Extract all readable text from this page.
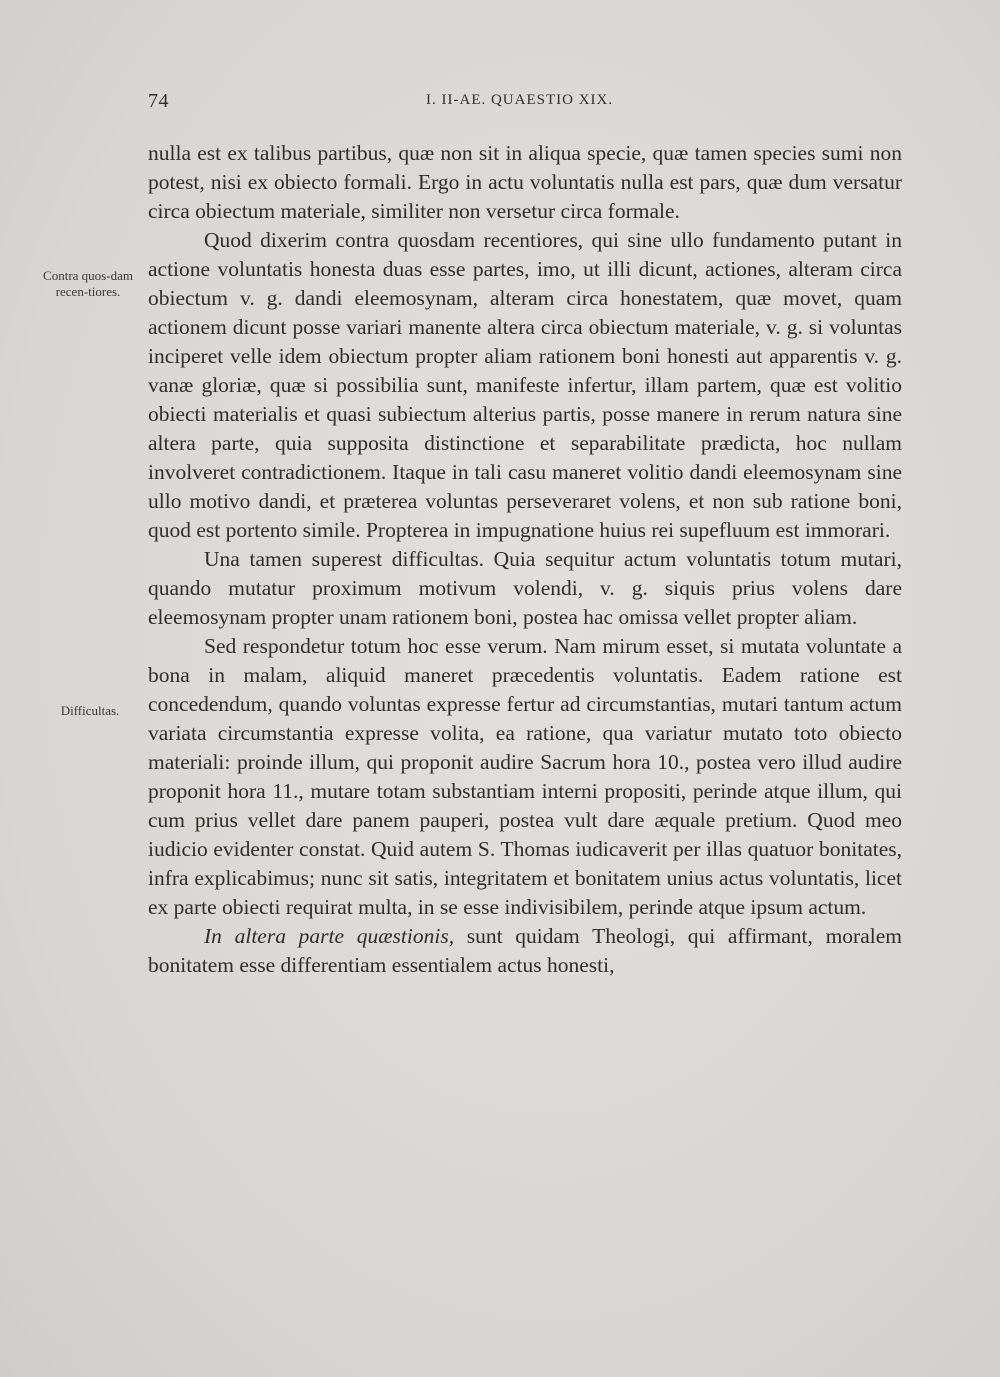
74	I. II-AE. QUAESTIO XIX.
Contra quos-dam recen-tiores.
Difficultas.

nulla est ex talibus partibus, quæ non sit in aliqua specie, quæ tamen species sumi non potest, nisi ex obiecto formali. Ergo in actu voluntatis nulla est pars, quæ dum versatur circa obiectum materiale, similiter non versetur circa formale.

Quod dixerim contra quosdam recentiores, qui sine ullo fundamento putant in actione voluntatis honesta duas esse partes, imo, ut illi dicunt, actiones, alteram circa obiectum v. g. dandi eleemosynam, alteram circa honestatem, quæ movet, quam actionem dicunt posse variari manente altera circa obiectum materiale, v. g. si voluntas inciperet velle idem obiectum propter aliam rationem boni honesti aut apparentis v. g. vanæ gloriæ, quæ si possibilia sunt, manifeste infertur, illam partem, quæ est volitio obiecti materialis et quasi subiectum alterius partis, posse manere in rerum natura sine altera parte, quia supposita distinctione et separabilitate prædicta, hoc nullam involveret contradictionem. Itaque in tali casu maneret volitio dandi eleemosynam sine ullo motivo dandi, et præterea voluntas perseveraret volens, et non sub ratione boni, quod est portento simile. Propterea in impugnatione huius rei supefluum est immorari.

Una tamen superest difficultas. Quia sequitur actum voluntatis totum mutari, quando mutatur proximum motivum volendi, v. g. siquis prius volens dare eleemosynam propter unam rationem boni, postea hac omissa vellet propter aliam.

Sed respondetur totum hoc esse verum. Nam mirum esset, si mutata voluntate a bona in malam, aliquid maneret præcedentis voluntatis. Eadem ratione est concedendum, quando voluntas expresse fertur ad circumstantias, mutari tantum actum variata circumstantia expresse volita, ea ratione, qua variatur mutato toto obiecto materiali: proinde illum, qui proponit audire Sacrum hora 10., postea vero illud audire proponit hora 11., mutare totam substantiam interni propositi, perinde atque illum, qui cum prius vellet dare panem pauperi, postea vult dare æquale pretium. Quod meo iudicio evidenter constat. Quid autem S. Thomas iudicaverit per illas quatuor bonitates, infra explicabimus; nunc sit satis, integritatem et bonitatem unius actus voluntatis, licet ex parte obiecti requirat multa, in se esse indivisibilem, perinde atque ipsum actum.

In altera parte quæstionis, sunt quidam Theologi, qui affirmant, moralem bonitatem esse differentiam essentialem actus honesti,
